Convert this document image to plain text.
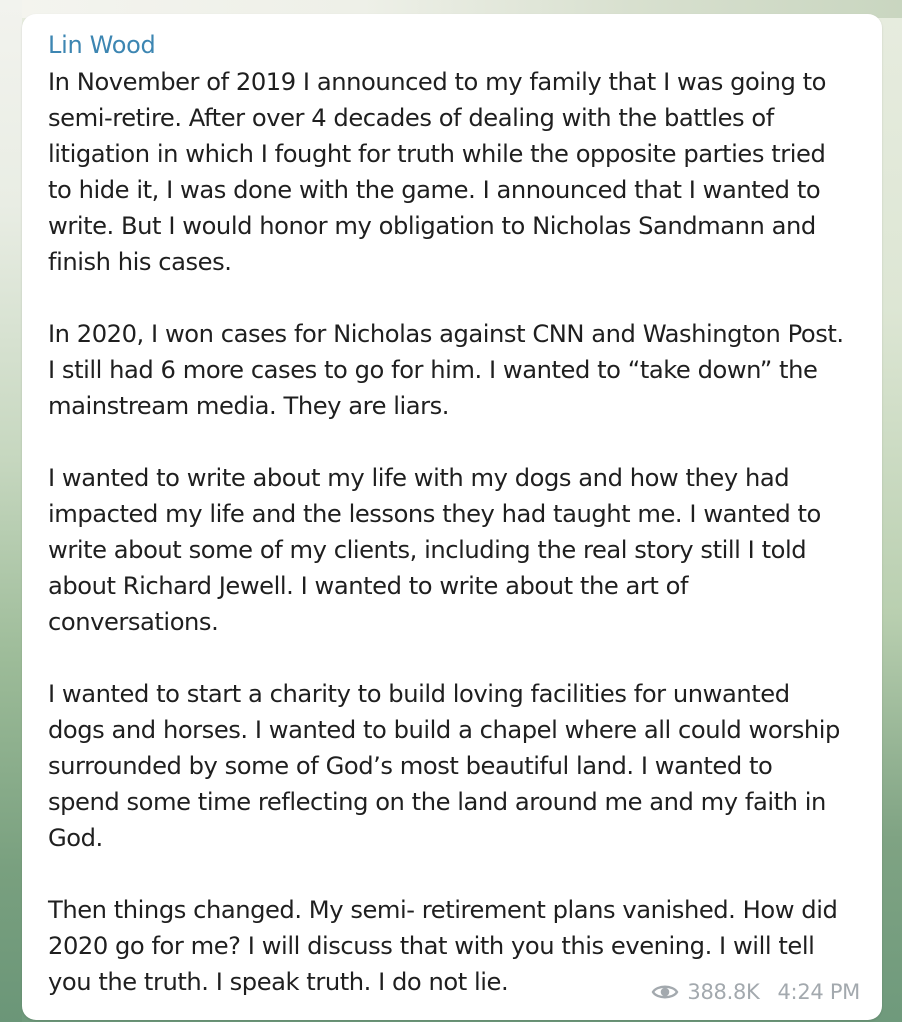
Lin Wood
In November of 2019 I announced to my family that I was going to
semi-retire. After over 4 decades of dealing with the battles of
litigation in which I fought for truth while the opposite parties tried
to hide it, I was done with the game. I announced that I wanted to
write. But I would honor my obligation to Nicholas Sandmann and
finish his cases.
In 2020, I won cases for Nicholas against CNN and Washington Post.
I still had 6 more cases to go for him. I wanted to “take down” the
mainstream media. They are liars.
I wanted to write about my life with my dogs and how they had
impacted my life and the lessons they had taught me. I wanted to
write about some of my clients, including the real story still I told
about Richard Jewell. I wanted to write about the art of
conversations.
I wanted to start a charity to build loving facilities for unwanted
dogs and horses. I wanted to build a chapel where all could worship
surrounded by some of God’s most beautiful land. I wanted to
spend some time reflecting on the land around me and my faith in
God.
Then things changed. My semi- retirement plans vanished. How did
2020 go for me? I will discuss that with you this evening. I will tell
you the truth. I speak truth. I do not lie.	388.8K 4:24 PM
